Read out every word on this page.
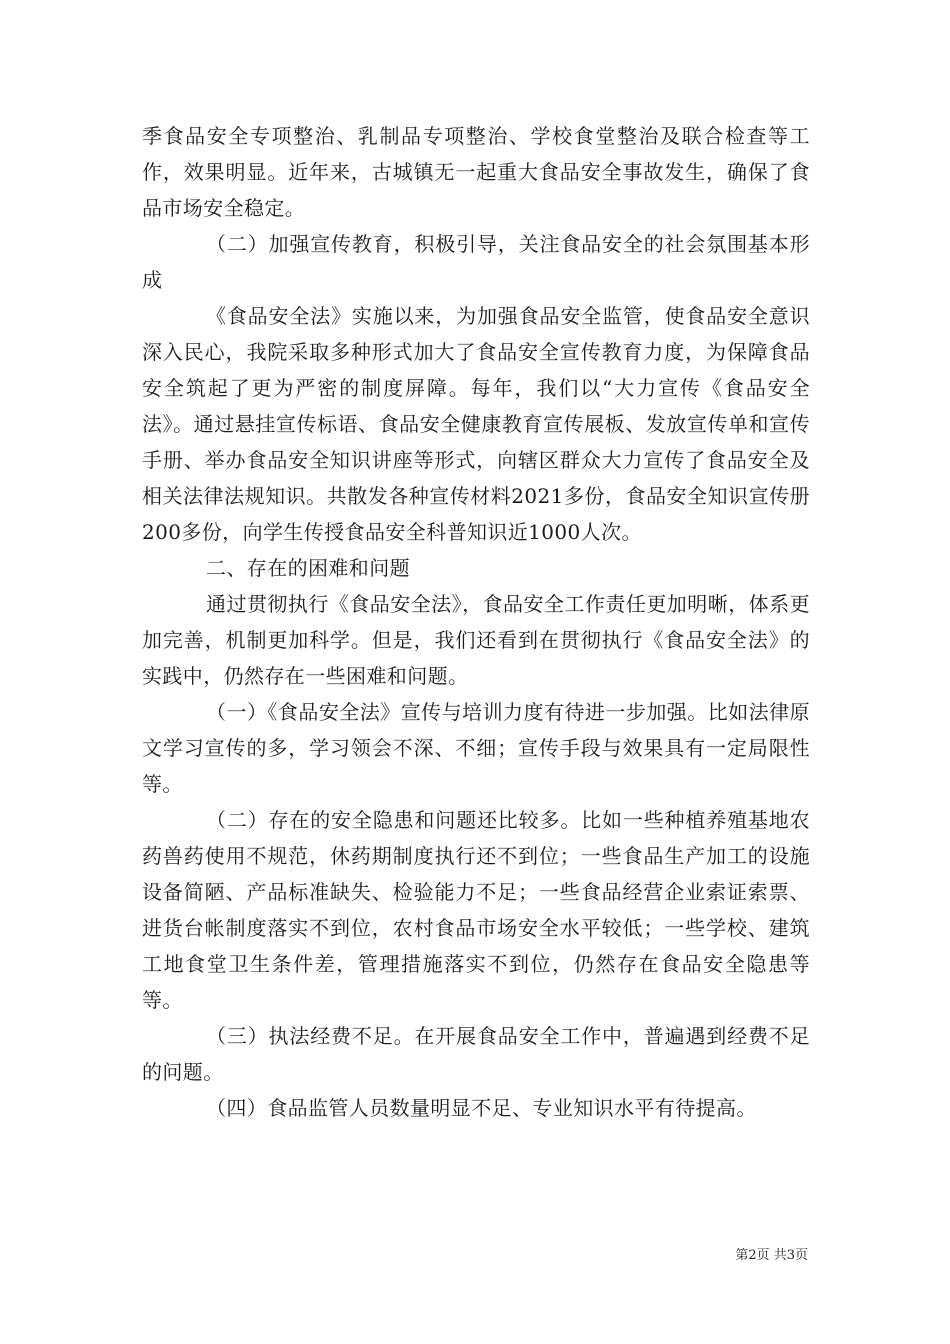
季食品安全专项整治、乳制品专项整治、学校食堂整治及联合检查等工作，效果明显。近年来，古城镇无一起重大食品安全事故发生，确保了食品市场安全稳定。

（二）加强宣传教育，积极引导，关注食品安全的社会氛围基本形成

《食品安全法》实施以来，为加强食品安全监管，使食品安全意识深入民心，我院采取多种形式加大了食品安全宣传教育力度，为保障食品安全筑起了更为严密的制度屏障。每年，我们以“大力宣传《食品安全法》。通过悬挂宣传标语、食品安全健康教育宣传展板、发放宣传单和宣传手册、举办食品安全知识讲座等形式，向辖区群众大力宣传了食品安全及相关法律法规知识。共散发各种宣传材料2021多份，食品安全知识宣传册200多份，向学生传授食品安全科普知识近1000人次。

二、存在的困难和问题

通过贯彻执行《食品安全法》，食品安全工作责任更加明晰，体系更加完善，机制更加科学。但是，我们还看到在贯彻执行《食品安全法》的实践中，仍然存在一些困难和问题。

（一）《食品安全法》宣传与培训力度有待进一步加强。比如法律原文学习宣传的多，学习领会不深、不细；宣传手段与效果具有一定局限性等。

（二）存在的安全隐患和问题还比较多。比如一些种植养殖基地农药兽药使用不规范，休药期制度执行还不到位；一些食品生产加工的设施设备简陋、产品标准缺失、检验能力不足；一些食品经营企业索证索票、进货台帐制度落实不到位，农村食品市场安全水平较低；一些学校、建筑工地食堂卫生条件差，管理措施落实不到位，仍然存在食品安全隐患等等。

（三）执法经费不足。在开展食品安全工作中，普遍遇到经费不足的问题。

（四）食品监管人员数量明显不足、专业知识水平有待提高。

第2页 共3页
